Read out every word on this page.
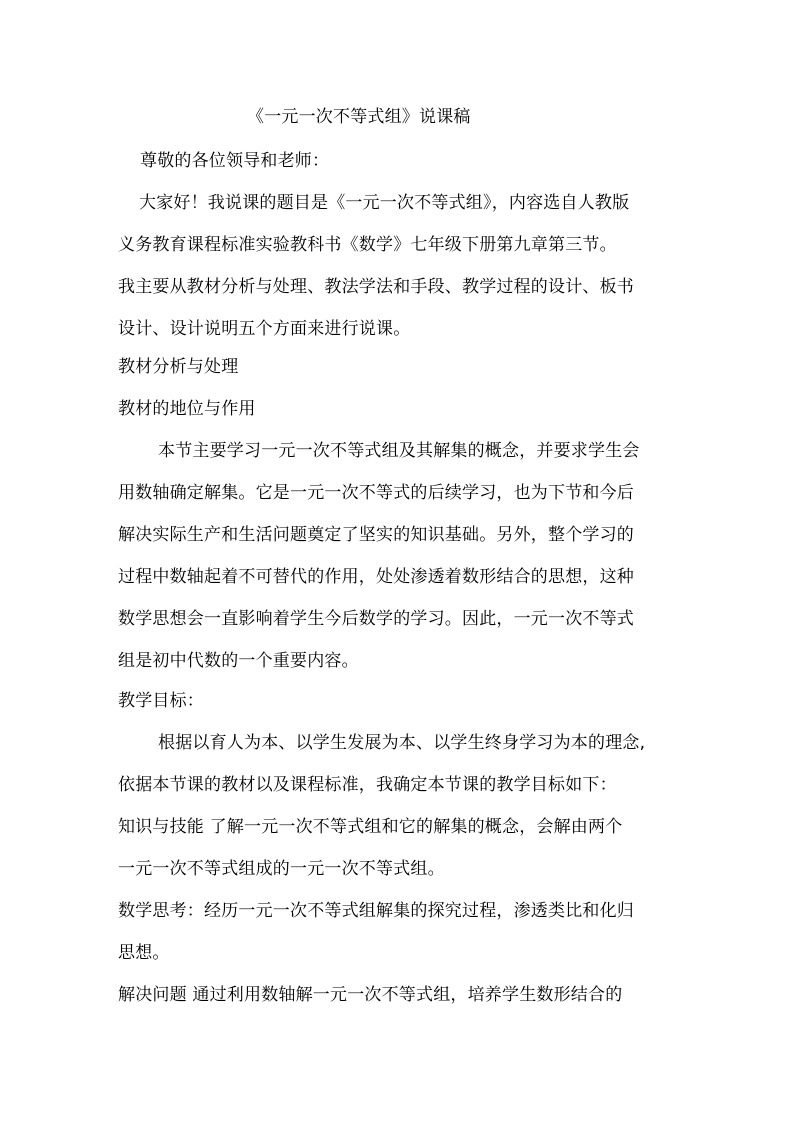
《一元一次不等式组》说课稿
尊敬的各位领导和老师：
大家好！我说课的题目是《一元一次不等式组》，内容选自人教版
义务教育课程标准实验教科书《数学》七年级下册第九章第三节。
我主要从教材分析与处理、教法学法和手段、教学过程的设计、板书
设计、设计说明五个方面来进行说课。
教材分析与处理
教材的地位与作用
本节主要学习一元一次不等式组及其解集的概念，并要求学生会
用数轴确定解集。它是一元一次不等式的后续学习，也为下节和今后
解决实际生产和生活问题奠定了坚实的知识基础。另外，整个学习的
过程中数轴起着不可替代的作用，处处渗透着数形结合的思想，这种
数学思想会一直影响着学生今后数学的学习。因此，一元一次不等式
组是初中代数的一个重要内容。
教学目标：
根据以育人为本、以学生发展为本、以学生终身学习为本的理念,
依据本节课的教材以及课程标准，我确定本节课的教学目标如下：
知识与技能 了解一元一次不等式组和它的解集的概念，会解由两个
一元一次不等式组成的一元一次不等式组。
数学思考：经历一元一次不等式组解集的探究过程，渗透类比和化归
思想。
解决问题 通过利用数轴解一元一次不等式组，培养学生数形结合的
